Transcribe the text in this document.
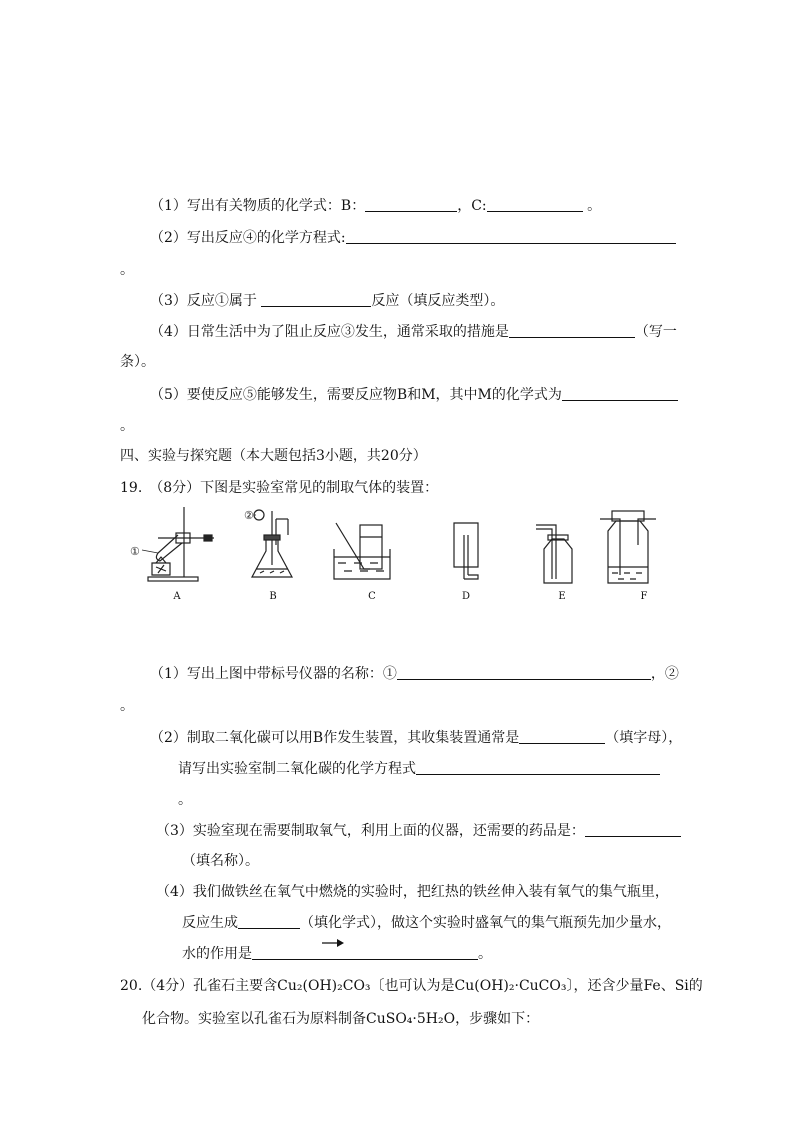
（1）写出有关物质的化学式：B：	，C:	。
（2）写出反应④的化学方程式:
。
（3）反应①属于	反应（填反应类型）。
（4）日常生活中为了阻止反应③发生，通常采取的措施是	（写一
条）。
（5）要使反应⑤能够发生，需要反应物B和M，其中M的化学式为
。
四、实验与探究题（本大题包括3小题，共20分）
19.　（8分）下图是实验室常见的制取气体的装置：
①
②
A	B	C	D	E	F
（1）写出上图中带标号仪器的名称：①	，②
。
（2）制取二氧化碳可以用B作发生装置，其收集装置通常是	（填字母），
请写出实验室制二氧化碳的化学方程式
。
（3）实验室现在需要制取氧气，利用上面的仪器，还需要的药品是：
（填名称）。
（4）我们做铁丝在氧气中燃烧的实验时，把红热的铁丝伸入装有氧气的集气瓶里，
反应生成	（填化学式），做这个实验时盛氧气的集气瓶预先加少量水，
水的作用是	。
20.（4分）孔雀石主要含Cu₂(OH)₂CO₃〔也可认为是Cu(OH)₂·CuCO₃〕，还含少量Fe、Si的
化合物。实验室以孔雀石为原料制备CuSO₄·5H₂O，步骤如下：
